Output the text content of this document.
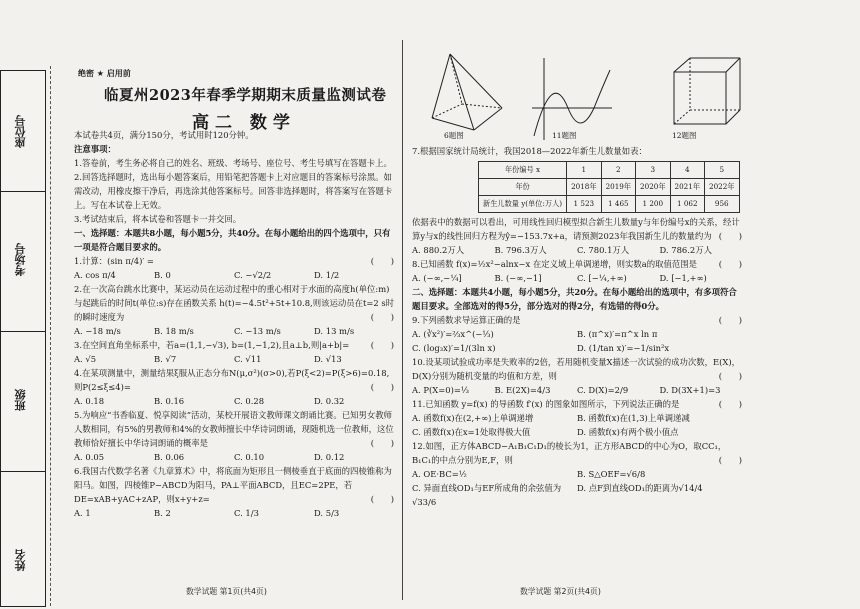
座位号
考场号
班级
姓名
绝密 ★ 启用前
临夏州2023年春季学期期末质量监测试卷
高二 数学

本试卷共4页，满分150分，考试用时120分钟。

注意事项：

1.答卷前，考生务必将自己的姓名、班级、考场号、座位号、考生号填写在答题卡上。

2.回答选择题时，选出每小题答案后，用铅笔把答题卡上对应题目的答案标号涂黑。如需改动，用橡皮擦干净后，再选涂其他答案标号。回答非选择题时，将答案写在答题卡上。写在本试卷上无效。

3.考试结束后，将本试卷和答题卡一并交回。

一、选择题：本题共8小题，每小题5分，共40分。在每小题给出的四个选项中，只有一项是符合题目要求的。

1.计算：(sin π/4)′ =	(　　)

A. cos π/4	B. 0	C. −√2/2	D. 1/2

2.在一次高台跳水比赛中，某运动员在运动过程中的重心相对于水面的高度h(单位:m)与起跳后的时间t(单位:s)存在函数关系 h(t)=−4.5t²+5t+10.8,则该运动员在t=2 s时的瞬时速度为	(　　)

A. −18 m/s	B. 18 m/s	C. −13 m/s	D. 13 m/s

3.在空间直角坐标系中，若a=(1,1,−√3), b=(1,−1,2),且a⊥b,则|a+b|=	(　　)

A. √5	B. √7	C. √11	D. √13

4.在某项测量中，测量结果ξ服从正态分布N(μ,σ²)(σ>0),若P(ξ<2)=P(ξ>6)=0.18,则P(2≤ξ≤4)=	(　　)

A. 0.18	B. 0.16	C. 0.28	D. 0.32

5.为响应“书香临夏、悦享阅读”活动，某校开展语文教师课文朗诵比赛。已知男女教师人数相同，有5%的男教师和4%的女教师擅长中华诗词朗诵，现随机选一位教师，这位教师恰好擅长中华诗词朗诵的概率是	(　　)

A. 0.05	B. 0.06	C. 0.10	D. 0.12

6.我国古代数学名著《九章算术》中，将底面为矩形且一侧棱垂直于底面的四棱锥称为阳马。如图，四棱锥P−ABCD为阳马，PA⊥平面ABCD，且EC=2PE，若 DE=xAB+yAC+zAP，则x+y+z=	(　　)

A. 1	B. 2	C. 1/3	D. 5/3
数学试题 第1页(共4页)
6题图	11题图	12题图

7.根据国家统计局统计，我国2018—2022年新生儿数量如表：

年份编号 x	1	2	3	4	5
年份	2018年	2019年	2020年	2021年	2022年
新生儿数量 y(单位:万人)	1 523	1 465	1 200	1 062	956

依据表中的数据可以看出，可用线性回归模型拟合新生儿数量y与年份编号x的关系，经计算y与x的线性回归方程为ŷ=−153.7x+a，请预测2023年我国新生儿的数量约为 (　　)

A. 880.2万人	B. 796.3万人	C. 780.1万人	D. 786.2万人

8.已知函数 f(x)=½x²−alnx−x 在定义域上单调递增，则实数a的取值范围是	(　　)

A. (−∞,−¼]	B. (−∞,−1]	C. [−¼,+∞)	D. [−1,+∞)

二、选择题：本题共4小题，每小题5分，共20分。在每小题给出的选项中，有多项符合题目要求。全部选对的得5分，部分选对的得2分，有选错的得0分。

9.下列函数求导运算正确的是	(　　)

A. (∛x²)′=⅔x^(−⅓)	B. (π^x)′=π^x ln π
C. (log₃x)′=1/(3ln x)	D. (1/tan x)′=−1/sin²x

10.设某项试验成功率是失败率的2倍，若用随机变量X描述一次试验的成功次数，E(X)，D(X)分别为随机变量的均值和方差，则	(　　)

A. P(X=0)=⅓	B. E(2X)=4/3	C. D(X)=2/9	D. D(3X+1)=3

11.已知函数 y=f(x) 的导函数 f′(x) 的图象如图所示，下列说法正确的是	(　　)

A. 函数f(x)在(2,+∞)上单调递增	B. 函数f(x)在(1,3)上单调递减
C. 函数f(x)在x=1处取得极大值	D. 函数f(x)有两个极小值点

12.如图，正方体ABCD−A₁B₁C₁D₁的棱长为1，正方形ABCD的中心为O，取CC₁，B₁C₁的中点分别为E,F，则	(　　)

A. OE·BC=½	B. S△OEF=√6/8
C. 异面直线OD₁与EF所成角的余弦值为√33/6
D. 点F到直线OD₁的距离为√14/4
数学试题 第2页(共4页)
